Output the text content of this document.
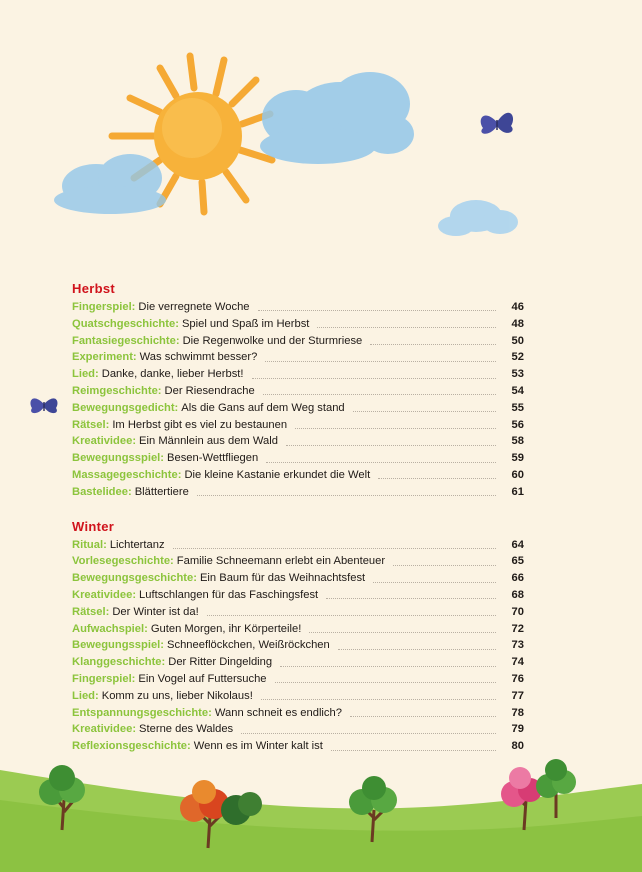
Herbst
Fingerspiel: Die verregnete Woche	46
Quatschgeschichte: Spiel und Spaß im Herbst	48
Fantasiegeschichte: Die Regenwolke und der Sturmriese	50
Experiment: Was schwimmt besser?	52
Lied: Danke, danke, lieber Herbst!	53
Reimgeschichte: Der Riesendrache	54
Bewegungsgedicht: Als die Gans auf dem Weg stand	55
Rätsel: Im Herbst gibt es viel zu bestaunen	56
Kreatividee: Ein Männlein aus dem Wald	58
Bewegungsspiel: Besen-Wettfliegen	59
Massagegeschichte: Die kleine Kastanie erkundet die Welt	60
Bastelidee: Blättertiere	61
Winter
Ritual: Lichtertanz	64
Vorlesegeschichte: Familie Schneemann erlebt ein Abenteuer	65
Bewegungsgeschichte: Ein Baum für das Weihnachtsfest	66
Kreatividee: Luftschlangen für das Faschingsfest	68
Rätsel: Der Winter ist da!	70
Aufwachspiel: Guten Morgen, ihr Körperteile!	72
Bewegungsspiel: Schneeflöckchen, Weißröckchen	73
Klanggeschichte: Der Ritter Dingelding	74
Fingerspiel: Ein Vogel auf Futtersuche	76
Lied: Komm zu uns, lieber Nikolaus!	77
Entspannungsgeschichte: Wann schneit es endlich?	78
Kreatividee: Sterne des Waldes	79
Reflexionsgeschichte: Wenn es im Winter kalt ist	80
